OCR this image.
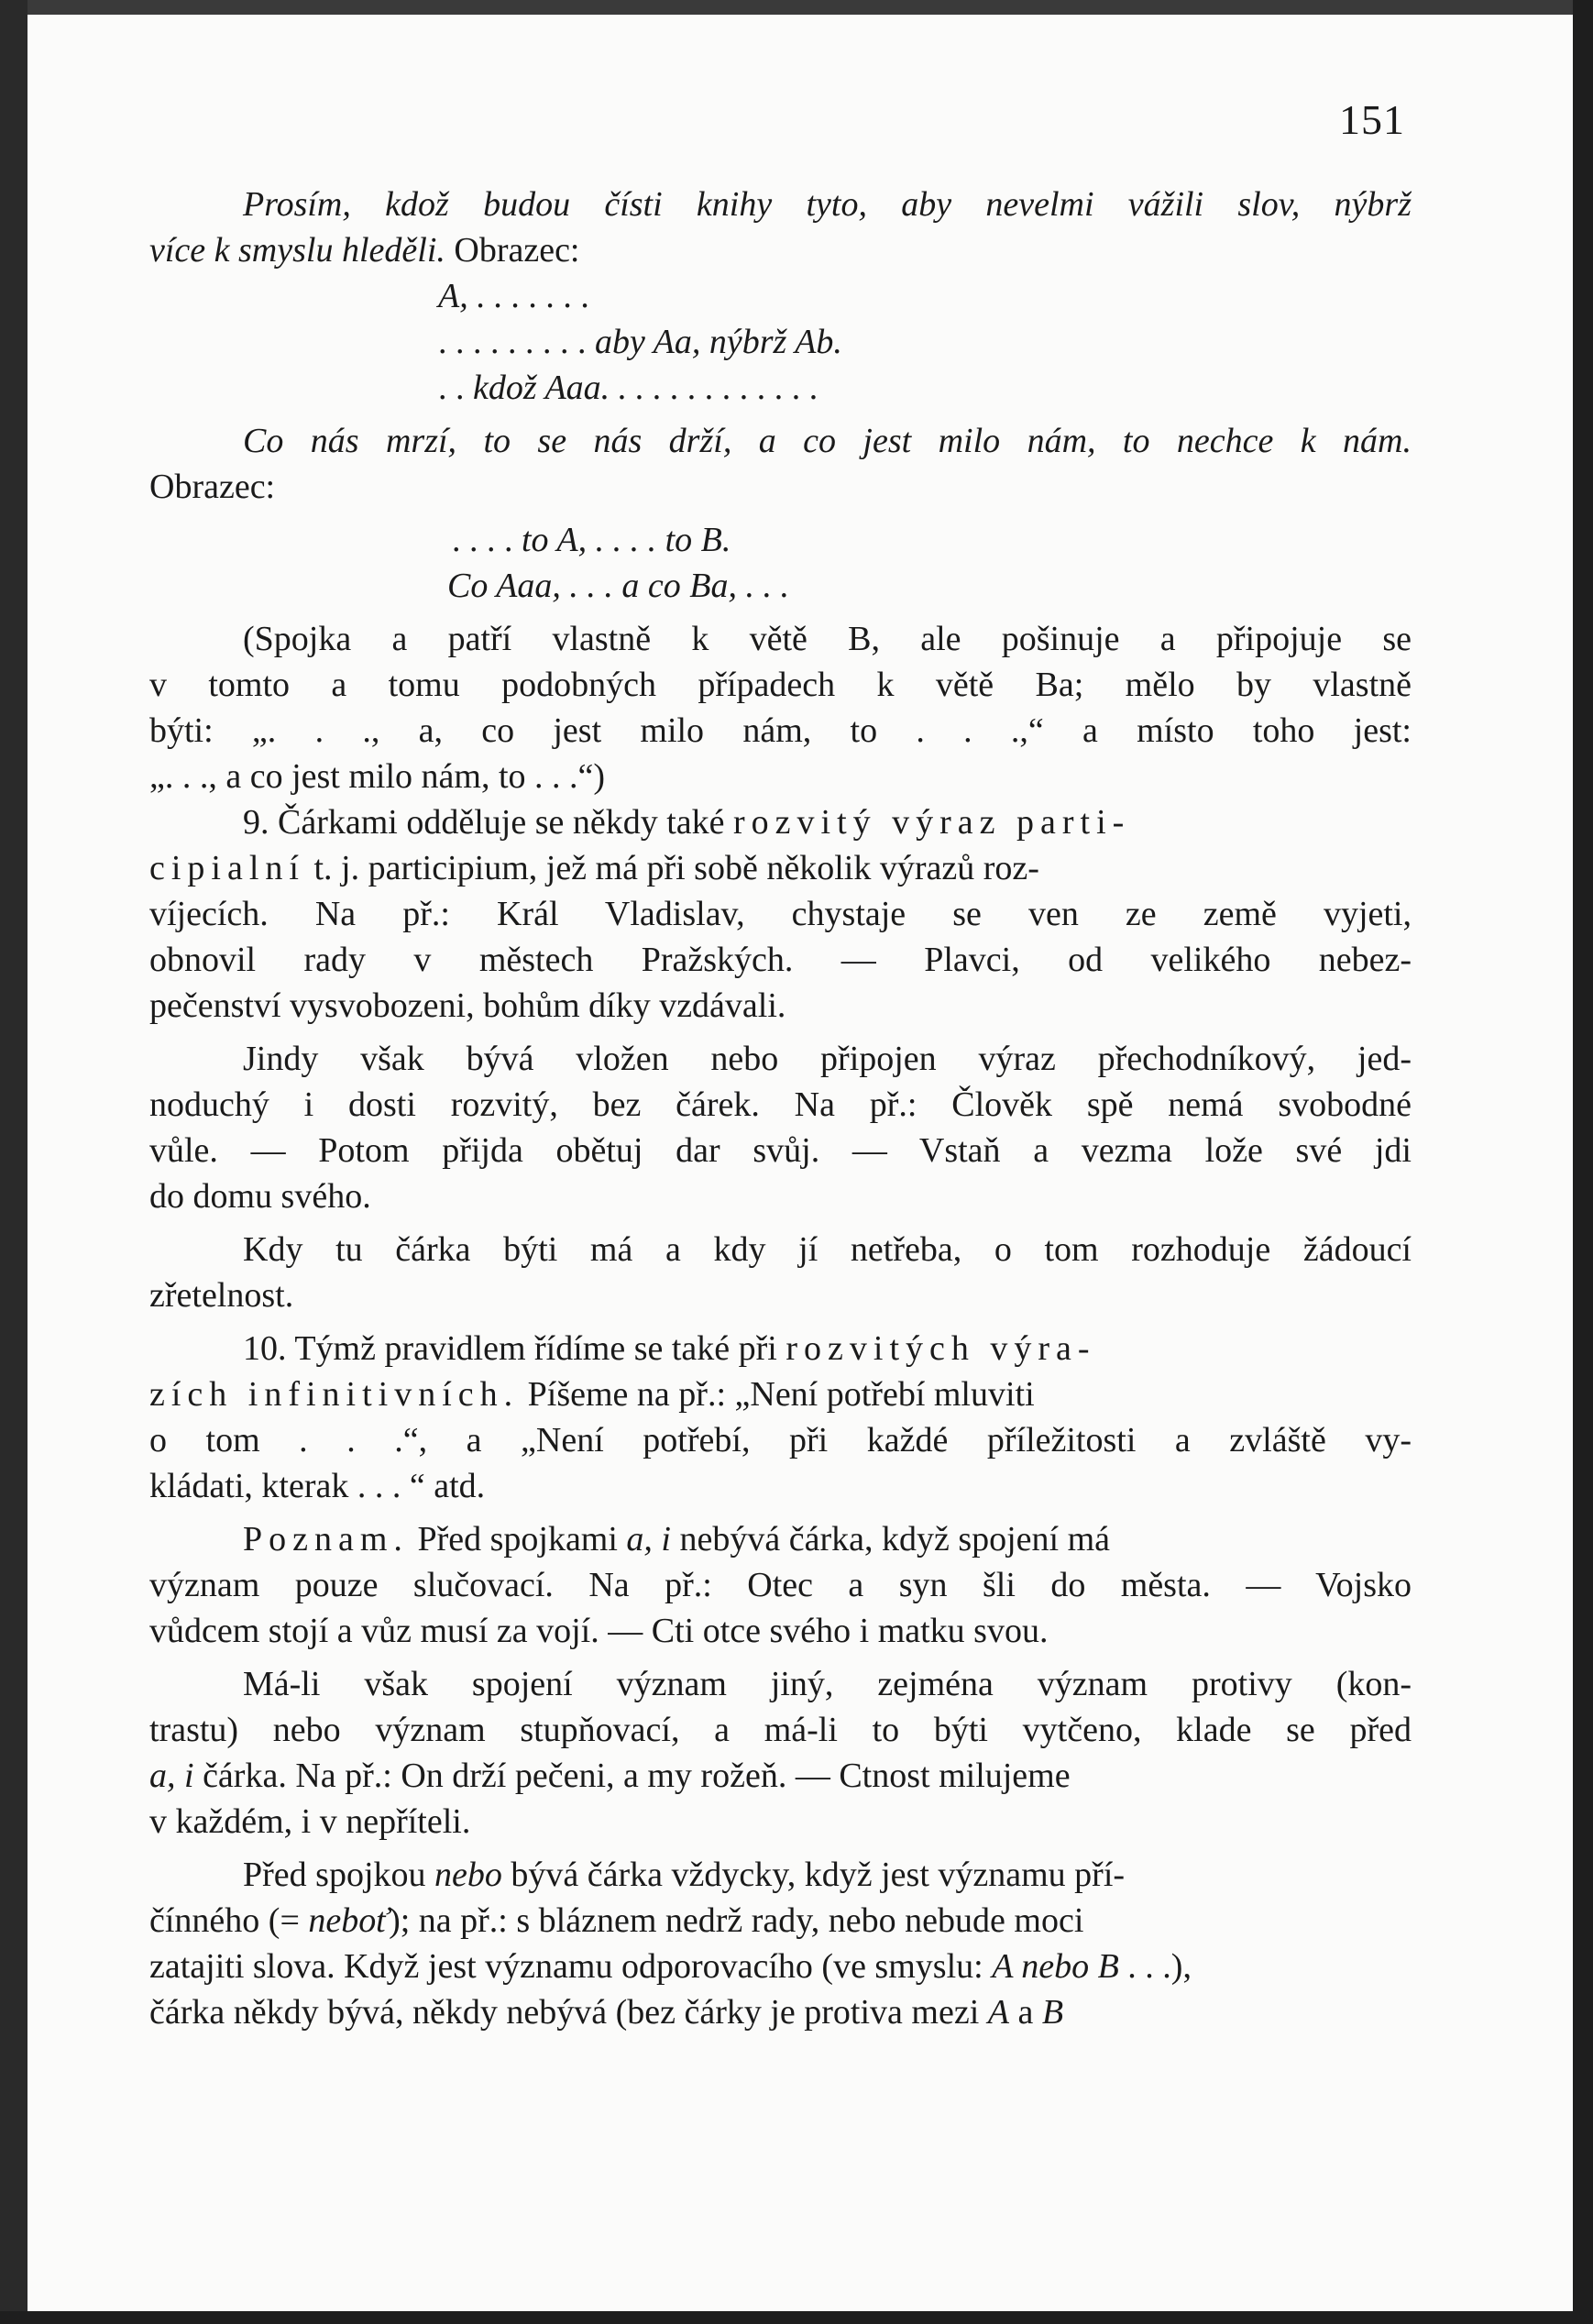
151
Prosím, kdož budou čísti knihy tyto, aby nevelmi vážili slov, nýbrž
více k smyslu hleděli. Obrazec:
A, . . . . . . .
. . . . . . . . . aby Aa, nýbrž Ab.
. . kdož Aaa. . . . . . . . . . . . .
Co nás mrzí, to se nás drží, a co jest milo nám, to nechce k nám.
Obrazec:
. . . . to A, . . . . to B.
Co Aaa, . . . a co Ba, . . .
(Spojka a patří vlastně k větě B, ale pošinuje a připojuje se
v tomto a tomu podobných případech k větě Ba; mělo by vlastně
býti: „. . ., a, co jest milo nám, to . . .,“ a místo toho jest:
„. . ., a co jest milo nám, to . . .“)
9. Čárkami odděluje se někdy také rozvitý výraz parti-
cipialní t. j. participium, jež má při sobě několik výrazů roz-
víjecích. Na př.: Král Vladislav, chystaje se ven ze země vyjeti,
obnovil rady v městech Pražských. — Plavci, od velikého nebez-
pečenství vysvobozeni, bohům díky vzdávali.
Jindy však bývá vložen nebo připojen výraz přechodníkový, jed-
noduchý i dosti rozvitý, bez čárek. Na př.: Člověk spě nemá svobodné
vůle. — Potom přijda obětuj dar svůj. — Vstaň a vezma lože své jdi
do domu svého.
Kdy tu čárka býti má a kdy jí netřeba, o tom rozhoduje žádoucí
zřetelnost.
10. Týmž pravidlem řídíme se také při rozvitých výra-
zích infinitivních. Píšeme na př.: „Není potřebí mluviti
o tom . . .“, a „Není potřebí, při každé příležitosti a zvláště vy-
kládati, kterak . . . “ atd.
Poznam. Před spojkami a, i nebývá čárka, když spojení má
význam pouze slučovací. Na př.: Otec a syn šli do města. — Vojsko
vůdcem stojí a vůz musí za vojí. — Cti otce svého i matku svou.
Má-li však spojení význam jiný, zejména význam protivy (kon-
trastu) nebo význam stupňovací, a má-li to býti vytčeno, klade se před
a, i čárka. Na př.: On drží pečeni, a my rožeň. — Ctnost milujeme
v každém, i v nepříteli.
Před spojkou nebo bývá čárka vždycky, když jest významu pří-
čínného (= neboť); na př.: s bláznem nedrž rady, nebo nebude moci
zatajiti slova. Když jest významu odporovacího (ve smyslu: A nebo B . . .),
čárka někdy bývá, někdy nebývá (bez čárky je protiva mezi A a B
